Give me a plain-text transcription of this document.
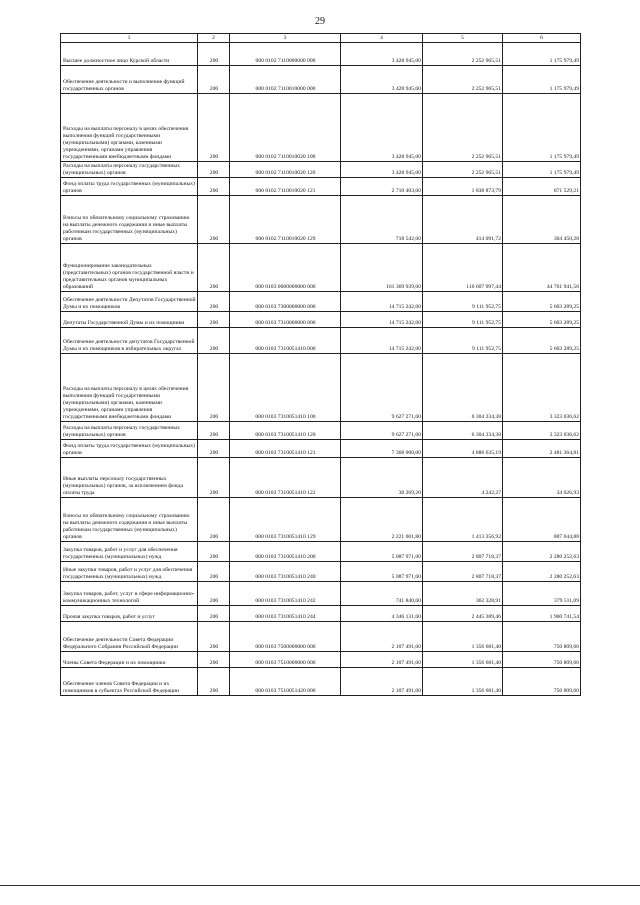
29
1	2	3	4	5	6
Высшее должностное лицо Курской области	200	000 0102 7110000000 000	3 428 945,00	2 252 965,51	1 175 979,49
Обеспечение деятельности и выполнение функций государственных органов	200	000 0102 7110010000 000	3 428 945,00	2 252 965,51	1 175 979,49
Расходы на выплаты персоналу в целях обеспечения выполнения функций государственными (муниципальными) органами, казенными учреждениями, органами управления государственными внебюджетными фондами	200	000 0102 7110010020 100	3 428 945,00	2 252 965,51	1 175 979,49
Расходы на выплаты персоналу государственных (муниципальных) органов	200	000 0102 7110010020 120	3 428 945,00	2 252 965,51	1 175 979,49
Фонд оплаты труда государственных (муниципальных) органов	200	000 0102 7110010020 121	2 710 403,00	1 838 873,79	871 529,21
Взносы по обязательному социальному страхованию на выплаты денежного содержания и иные выплаты работникам государственных (муниципальных) органов	200	000 0102 7110010020 129	718 542,00	414 091,72	304 450,28
Функционирование законодательных (представительных) органов государственной власти и представительных органов муниципальных образований	200	000 0103 0000000000 000	161 369 939,00	116 607 997,44	44 761 941,56
Обеспечение деятельности Депутатов Государственной Думы и их помощников	200	000 0103 7300000000 000	14 715 242,00	9 111 952,75	5 603 289,25
Депутаты Государственной Думы и их помощники	200	000 0103 7310000000 000	14 715 242,00	9 111 952,75	5 603 289,25
Обеспечение деятельности депутатов Государственной Думы и их помощников в избирательных округах	200	000 0103 7310051410 000	14 715 242,00	9 111 952,75	5 603 289,25
Расходы на выплаты персоналу в целях обеспечения выполнения функций государственными (муниципальными) органами, казенными учреждениями, органами управления государственными внебюджетными фондами	200	000 0103 7310051410 100	9 627 271,00	6 304 234,38	3 323 036,62
Расходы на выплаты персоналу государственных (муниципальных) органов	200	000 0103 7310051410 120	9 627 271,00	6 304 234,38	3 323 036,62
Фонд оплаты труда государственных (муниципальных) органов	200	000 0103 7310051410 121	7 368 000,00	4 886 635,19	2 481 364,81
Иные выплаты персоналу государственных (муниципальных) органов, за исключением фонда оплаты труда	200	000 0103 7310051410 122	38 269,20	4 242,27	34 026,93
Взносы по обязательному социальному страхованию на выплаты денежного содержания и иные выплаты работникам государственных (муниципальных) органов	200	000 0103 7310051410 129	2 221 001,80	1 413 356,92	807 644,88
Закупка товаров, работ и услуг для обеспечения государственных (муниципальных) нужд	200	000 0103 7310051410 200	5 087 971,00	2 807 718,37	2 280 252,63
Иные закупки товаров, работ и услуг для обеспечения государственных (муниципальных) нужд	200	000 0103 7310051410 240	5 087 971,00	2 807 718,37	2 280 252,63
Закупка товаров, работ, услуг в сфере информационно-коммуникационных технологий	200	000 0103 7310051410 242	741 840,00	362 328,91	379 511,09
Прочая закупка товаров, работ и услуг	200	000 0103 7310051410 244	4 346 131,00	2 445 389,46	1 900 741,54
Обеспечение деятельности Совета Федерации Федерального Собрания Российской Федерации	200	000 0103 7500000000 000	2 107 491,00	1 356 681,40	750 809,60
Члены Совета Федерации и их помощники	200	000 0103 7510000000 000	2 107 491,00	1 356 681,40	750 809,60
Обеспечение членов Совета Федерации и их помощников в субъектах Российской Федерации	200	000 0103 7510051420 000	2 107 491,00	1 356 681,40	750 809,60
